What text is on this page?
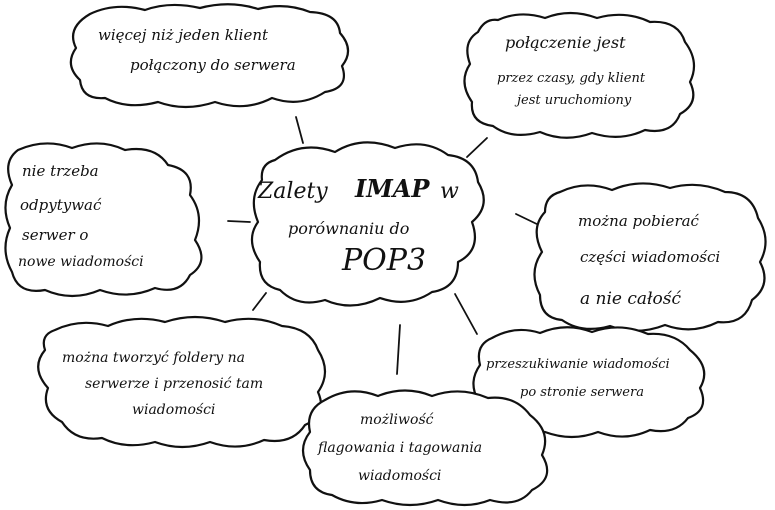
Zalety IMAP w
porównaniu do
POP3
więcej niż jeden klient
połączony do serwera
połączenie jest
przez czasy, gdy klient
jest uruchomiony
nie trzeba
odpytywać
serwer o
nowe wiadomości
można pobierać
części wiadomości
a nie całość
można tworzyć foldery na
serwerze i przenosić tam
wiadomości
przeszukiwanie wiadomości
po stronie serwera
możliwość
flagowania i tagowania
wiadomości
